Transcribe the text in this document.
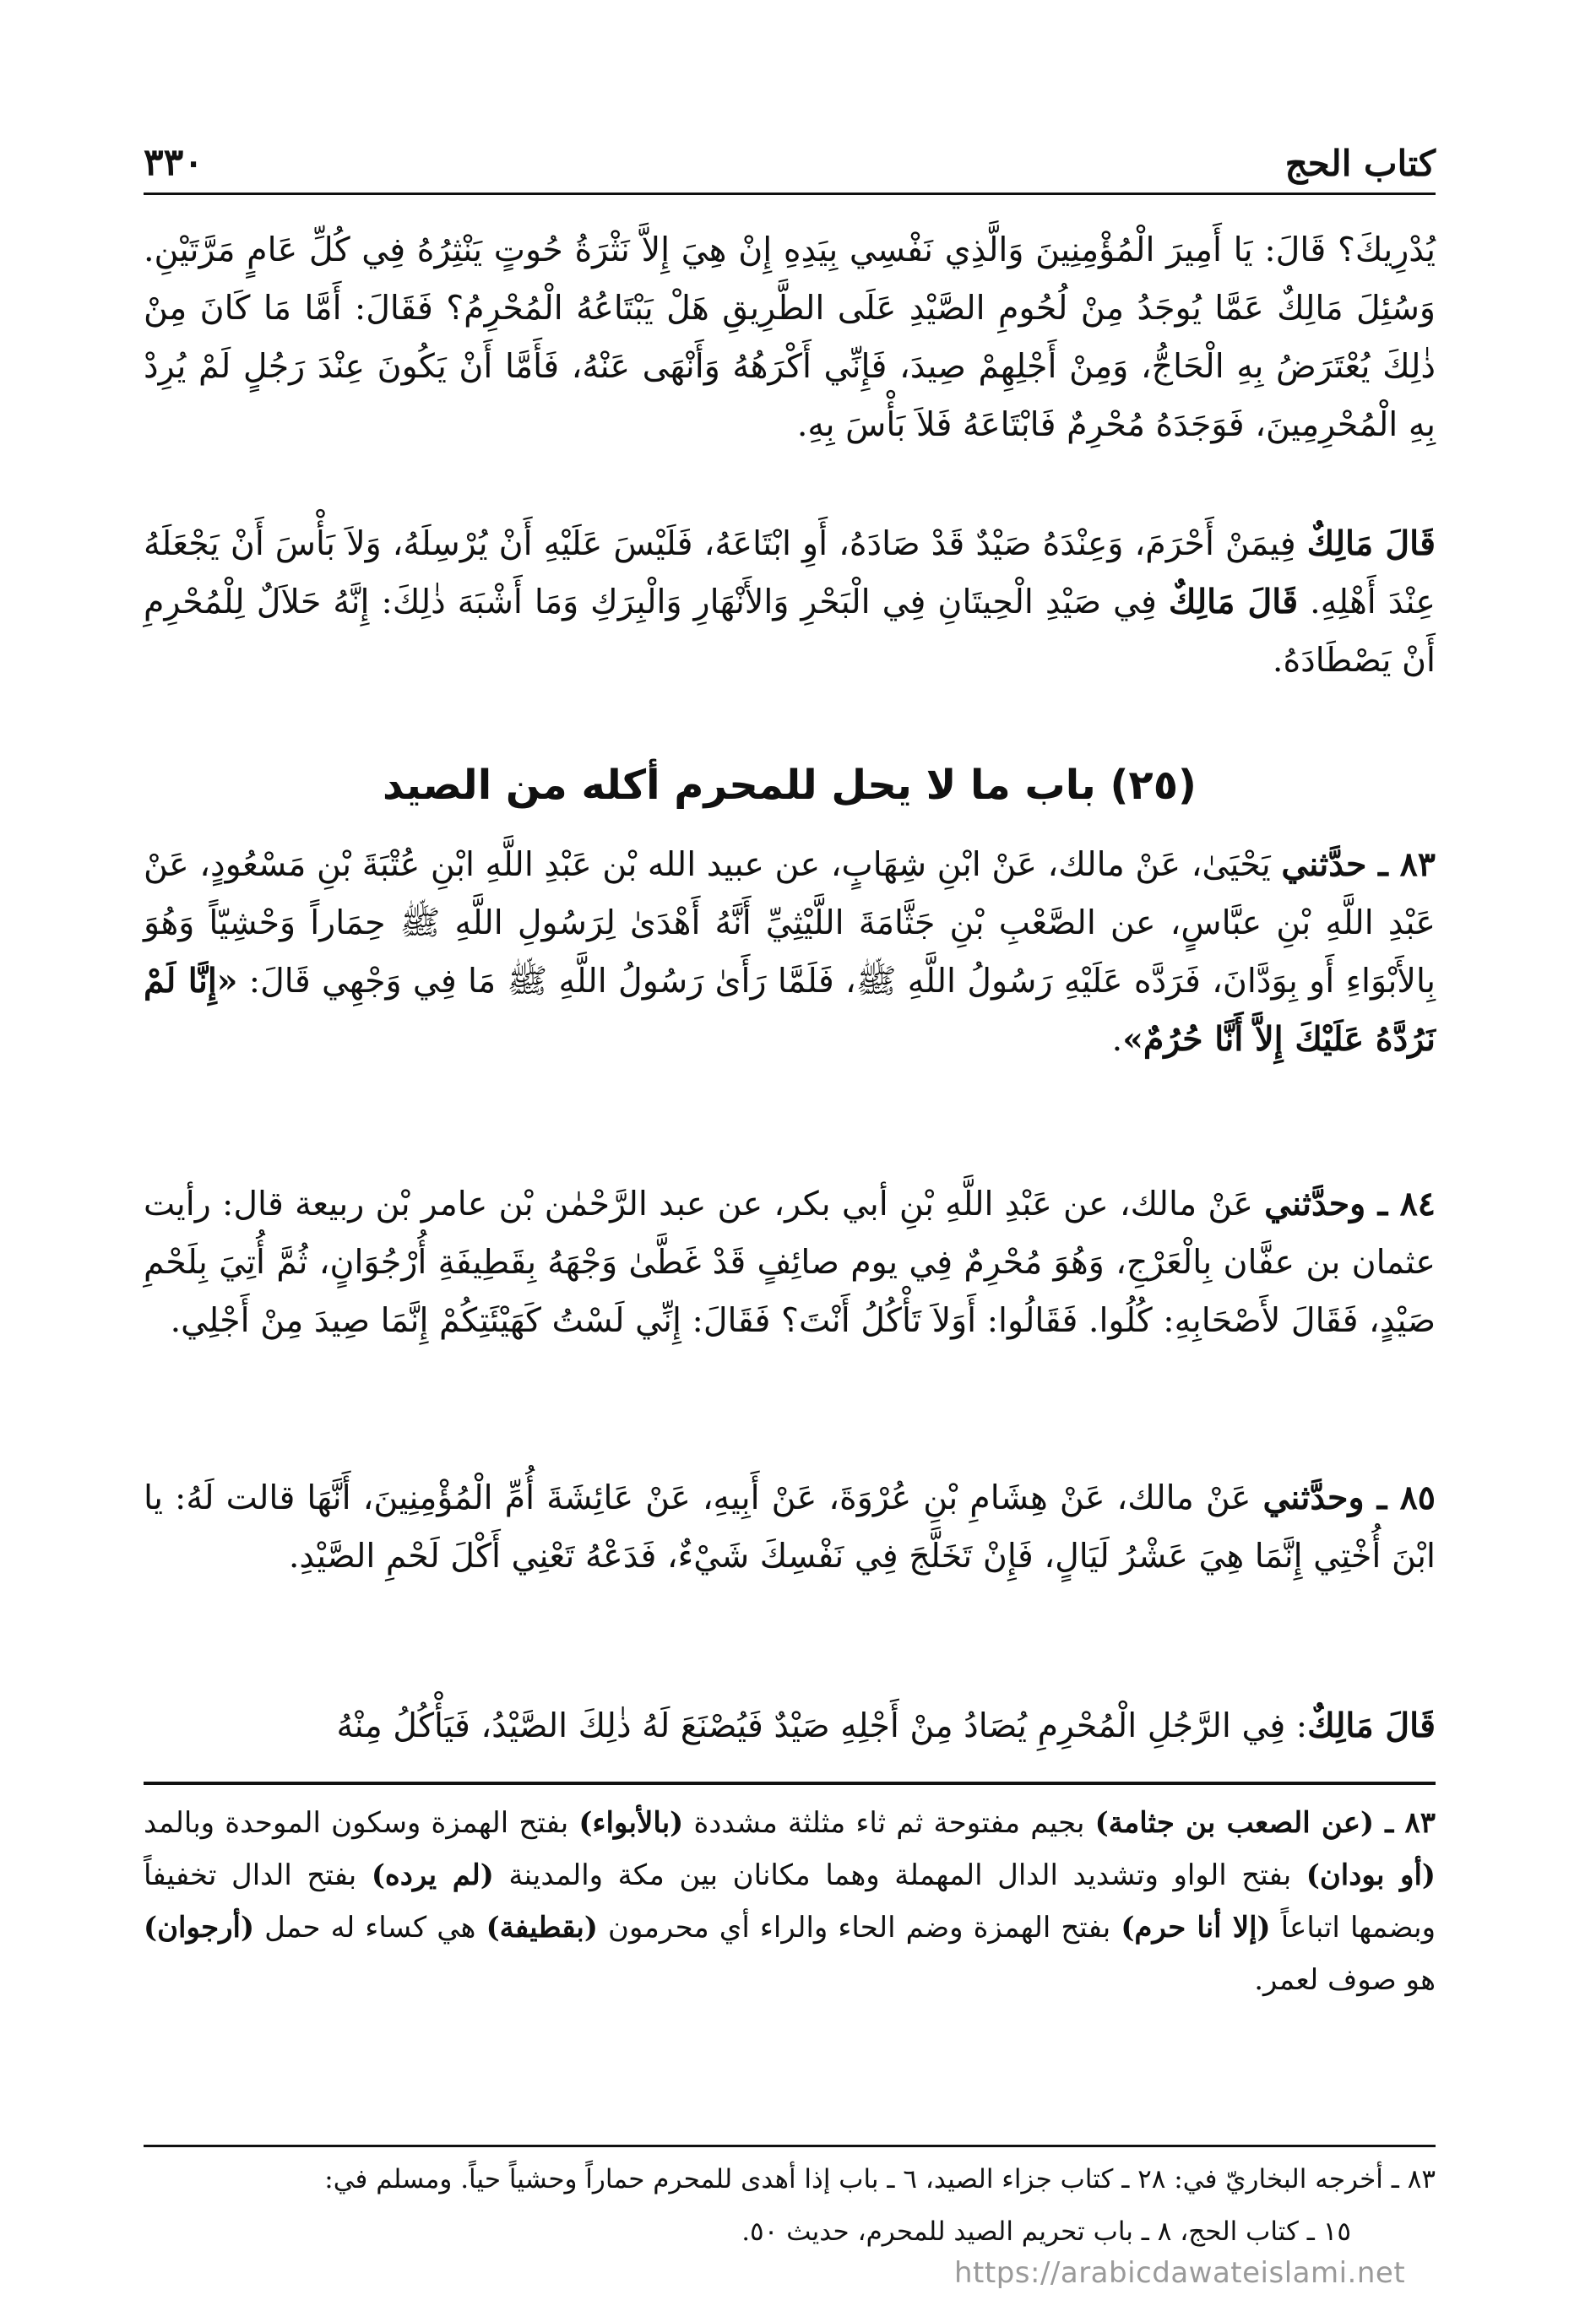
كتاب الحج
٣٣٠

يُدْرِيكَ؟ قَالَ: يَا أَمِيرَ الْمُؤْمِنِينَ وَالَّذِي نَفْسِي بِيَدِهِ إِنْ هِيَ إِلاَّ نَثْرَةُ حُوتٍ يَنْثِرُهُ فِي كُلِّ عَامٍ مَرَّتَيْنِ. وَسُئِلَ مَالِكٌ عَمَّا يُوجَدُ مِنْ لُحُومِ الصَّيْدِ عَلَى الطَّرِيقِ هَلْ يَبْتَاعُهُ الْمُحْرِمُ؟ فَقَالَ: أَمَّا مَا كَانَ مِنْ ذٰلِكَ يُعْتَرَضُ بِهِ الْحَاجُّ، وَمِنْ أَجْلِهِمْ صِيدَ، فَإِنِّي أَكْرَهُهُ وَأَنْهَى عَنْهُ، فَأَمَّا أَنْ يَكُونَ عِنْدَ رَجُلٍ لَمْ يُرِدْ بِهِ الْمُحْرِمِينَ، فَوَجَدَهُ مُحْرِمٌ فَابْتَاعَهُ فَلاَ بَأْسَ بِهِ.

قَالَ مَالِكٌ فِيمَنْ أَحْرَمَ، وَعِنْدَهُ صَيْدٌ قَدْ صَادَهُ، أَوِ ابْتَاعَهُ، فَلَيْسَ عَلَيْهِ أَنْ يُرْسِلَهُ، وَلاَ بَأْسَ أَنْ يَجْعَلَهُ عِنْدَ أَهْلِهِ. قَالَ مَالِكٌ فِي صَيْدِ الْحِيتَانِ فِي الْبَحْرِ وَالأَنْهَارِ وَالْبِرَكِ وَمَا أَشْبَهَ ذٰلِكَ: إِنَّهُ حَلاَلٌ لِلْمُحْرِمِ أَنْ يَصْطَادَهُ.

(٢٥) باب ما لا يحل للمحرم أكله من الصيد

٨٣ ـ حدَّثني يَحْيَىٰ، عَنْ مالك، عَنْ ابْنِ شِهَابٍ، عن عبيد الله بْن عَبْدِ اللَّهِ ابْنِ عُتْبَةَ بْنِ مَسْعُودٍ، عَنْ عَبْدِ اللَّهِ بْنِ عبَّاسٍ، عن الصَّعْبِ بْنِ جَثَّامَةَ اللَّيْثِيِّ أَنَّهُ أَهْدَىٰ لِرَسُولِ اللَّهِ ﷺ حِمَاراً وَحْشِيّاً وَهُوَ بِالأَبْوَاءِ أَو بِوَدَّانَ، فَرَدَّه عَلَيْهِ رَسُولُ اللَّهِ ﷺ، فَلَمَّا رَأَىٰ رَسُولُ اللَّهِ ﷺ مَا فِي وَجْهِي قَالَ: «إِنَّا لَمْ نَرُدَّهُ عَلَيْكَ إِلاَّ أَنَّا حُرُمٌ».

٨٤ ـ وحدَّثني عَنْ مالك، عن عَبْدِ اللَّهِ بْنِ أبي بكر، عن عبد الرَّحْمٰن بْن عامر بْن ربيعة قال: رأيت عثمان بن عفَّان بِالْعَرْجِ، وَهُوَ مُحْرِمٌ فِي يوم صائِفٍ قَدْ غَطَّىٰ وَجْهَهُ بِقَطِيفَةِ أُرْجُوَانٍ، ثُمَّ أُتِيَ بِلَحْمِ صَيْدٍ، فَقَالَ لأَصْحَابِهِ: كُلُوا. فَقَالُوا: أَوَلاَ تَأْكُلُ أَنْتَ؟ فَقَالَ: إِنِّي لَسْتُ كَهَيْئَتِكُمْ إِنَّمَا صِيدَ مِنْ أَجْلِي.

٨٥ ـ وحدَّثني عَنْ مالك، عَنْ هِشَامِ بْنِ عُرْوَةَ، عَنْ أَبِيهِ، عَنْ عَائِشَةَ أُمِّ الْمُؤْمِنِينَ، أَنَّهَا قالت لَهُ: يا ابْنَ أُخْتِي إِنَّمَا هِيَ عَشْرُ لَيَالٍ، فَإِنْ تَخَلَّجَ فِي نَفْسِكَ شَيْءٌ، فَدَعْهُ تَعْنِي أَكْلَ لَحْمِ الصَّيْدِ.

قَالَ مَالِكٌ: فِي الرَّجُلِ الْمُحْرِمِ يُصَادُ مِنْ أَجْلِهِ صَيْدٌ فَيُصْنَعَ لَهُ ذٰلِكَ الصَّيْدُ، فَيَأْكُلُ مِنْهُ

٨٣ ـ (عن الصعب بن جثامة) بجيم مفتوحة ثم ثاء مثلثة مشددة (بالأبواء) بفتح الهمزة وسكون الموحدة وبالمد (أو بودان) بفتح الواو وتشديد الدال المهملة وهما مكانان بين مكة والمدينة (لم يرده) بفتح الدال تخفيفاً وبضمها اتباعاً (إلا أنا حرم) بفتح الهمزة وضم الحاء والراء أي محرمون (بقطيفة) هي كساء له حمل (أرجوان) هو صوف لعمر.

٨٣ ـ أخرجه البخاريّ في: ٢٨ ـ كتاب جزاء الصيد، ٦ ـ باب إذا أهدى للمحرم حماراً وحشياً حياً. ومسلم في:

١٥ ـ كتاب الحج، ٨ ـ باب تحريم الصيد للمحرم، حديث ٥٠.

https://arabicdawateislami.net
